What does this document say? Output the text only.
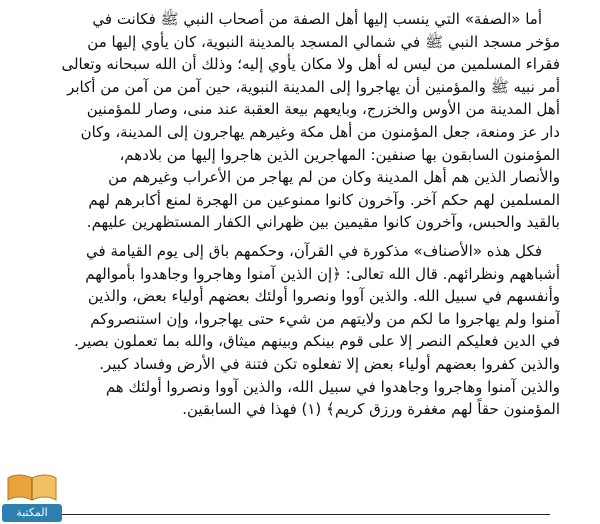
أما «الصفة» التي ينسب إليها أهل الصفة من أصحاب النبي ﷺ فكانت في
مؤخر مسجد النبي ﷺ في شمالي المسجد بالمدينة النبوية، كان يأوي إليها من
فقراء المسلمين من ليس له أهل ولا مكان يأوي إليه؛ وذلك أن الله سبحانه وتعالى
أمر نبيه ﷺ والمؤمنين أن يهاجروا إلى المدينة النبوية، حين آمن من آمن من أكابر
أهل المدينة من الأوس والخزرج، وبايعهم بيعة العقبة عند منى، وصار للمؤمنين
دار عز ومنعة، جعل المؤمنون من أهل مكة وغيرهم يهاجرون إلى المدينة، وكان
المؤمنون السابقون بها صنفين: المهاجرين الذين هاجروا إليها من بلادهم،
والأنصار الذين هم أهل المدينة وكان من لم يهاجر من الأعراب وغيرهم من
المسلمين لهم حكم آخر. وآخرون كانوا ممنوعين من الهجرة لمنع أكابرهم لهم
بالقيد والحبس، وآخرون كانوا مقيمين بين ظهراني الكفار المستظهرين عليهم.
فكل هذه «الأصناف» مذكورة في القرآن، وحكمهم باق إلى يوم القيامة في
أشباههم ونظرائهم. قال الله تعالى: ﴿إن الذين آمنوا وهاجروا وجاهدوا بأموالهم
وأنفسهم في سبيل الله. والذين آووا ونصروا أولئك بعضهم أولياء بعض، والذين
آمنوا ولم يهاجروا ما لكم من ولايتهم من شيء حتى يهاجروا، وإن استنصروكم
في الدين فعليكم النصر إلا على قوم بينكم وبينهم ميثاق، والله بما تعملون بصير.
والذين كفروا بعضهم أولياء بعض إلا تفعلوه تكن فتنة في الأرض وفساد كبير.
والذين آمنوا وهاجروا وجاهدوا في سبيل الله، والذين آووا ونصروا أولئك هم
المؤمنون حقاً لهم مغفرة ورزق كريم﴾ (١) فهذا في السابقين.
المكتبة
